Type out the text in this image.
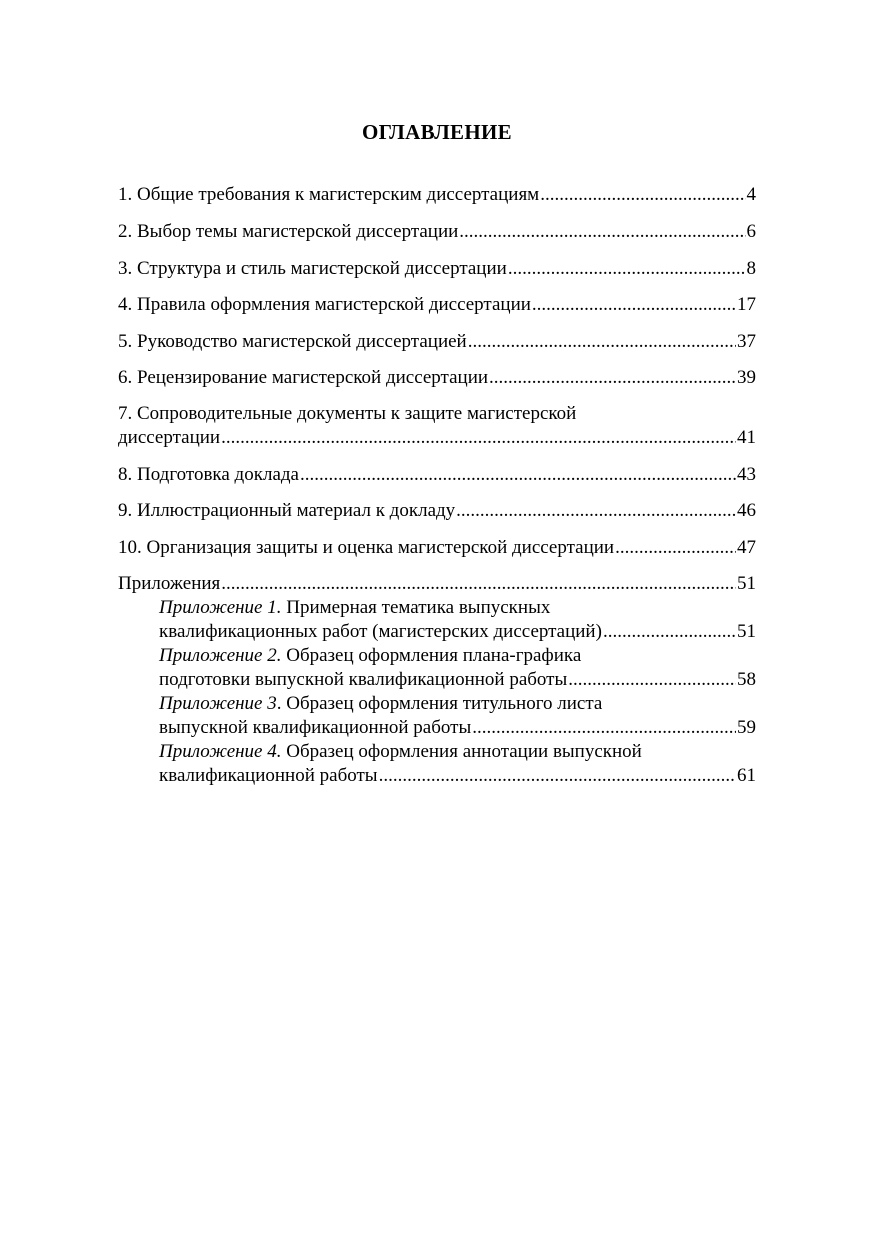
ОГЛАВЛЕНИЕ
1. Общие требования к магистерским диссертациям .....	4
2. Выбор темы магистерской диссертации .....	6
3. Структура и стиль магистерской диссертации .....	8
4. Правила оформления магистерской диссертации .....	17
5. Руководство магистерской диссертацией .....	37
6. Рецензирование магистерской диссертации .....	39
7. Сопроводительные документы к защите магистерской
диссертации .....	41
8. Подготовка доклада .....	43
9. Иллюстрационный материал к докладу .....	46
10. Организация защиты и оценка магистерской диссертации .....	47
Приложения .....	51
Приложение 1. Примерная тематика выпускных
квалификационных работ (магистерских диссертаций) .....	51
Приложение 2. Образец оформления плана-графика
подготовки выпускной квалификационной работы .....	58
Приложение 3. Образец оформления титульного листа
выпускной квалификационной работы .....	59
Приложение 4. Образец оформления аннотации выпускной
квалификационной работы .....	61
